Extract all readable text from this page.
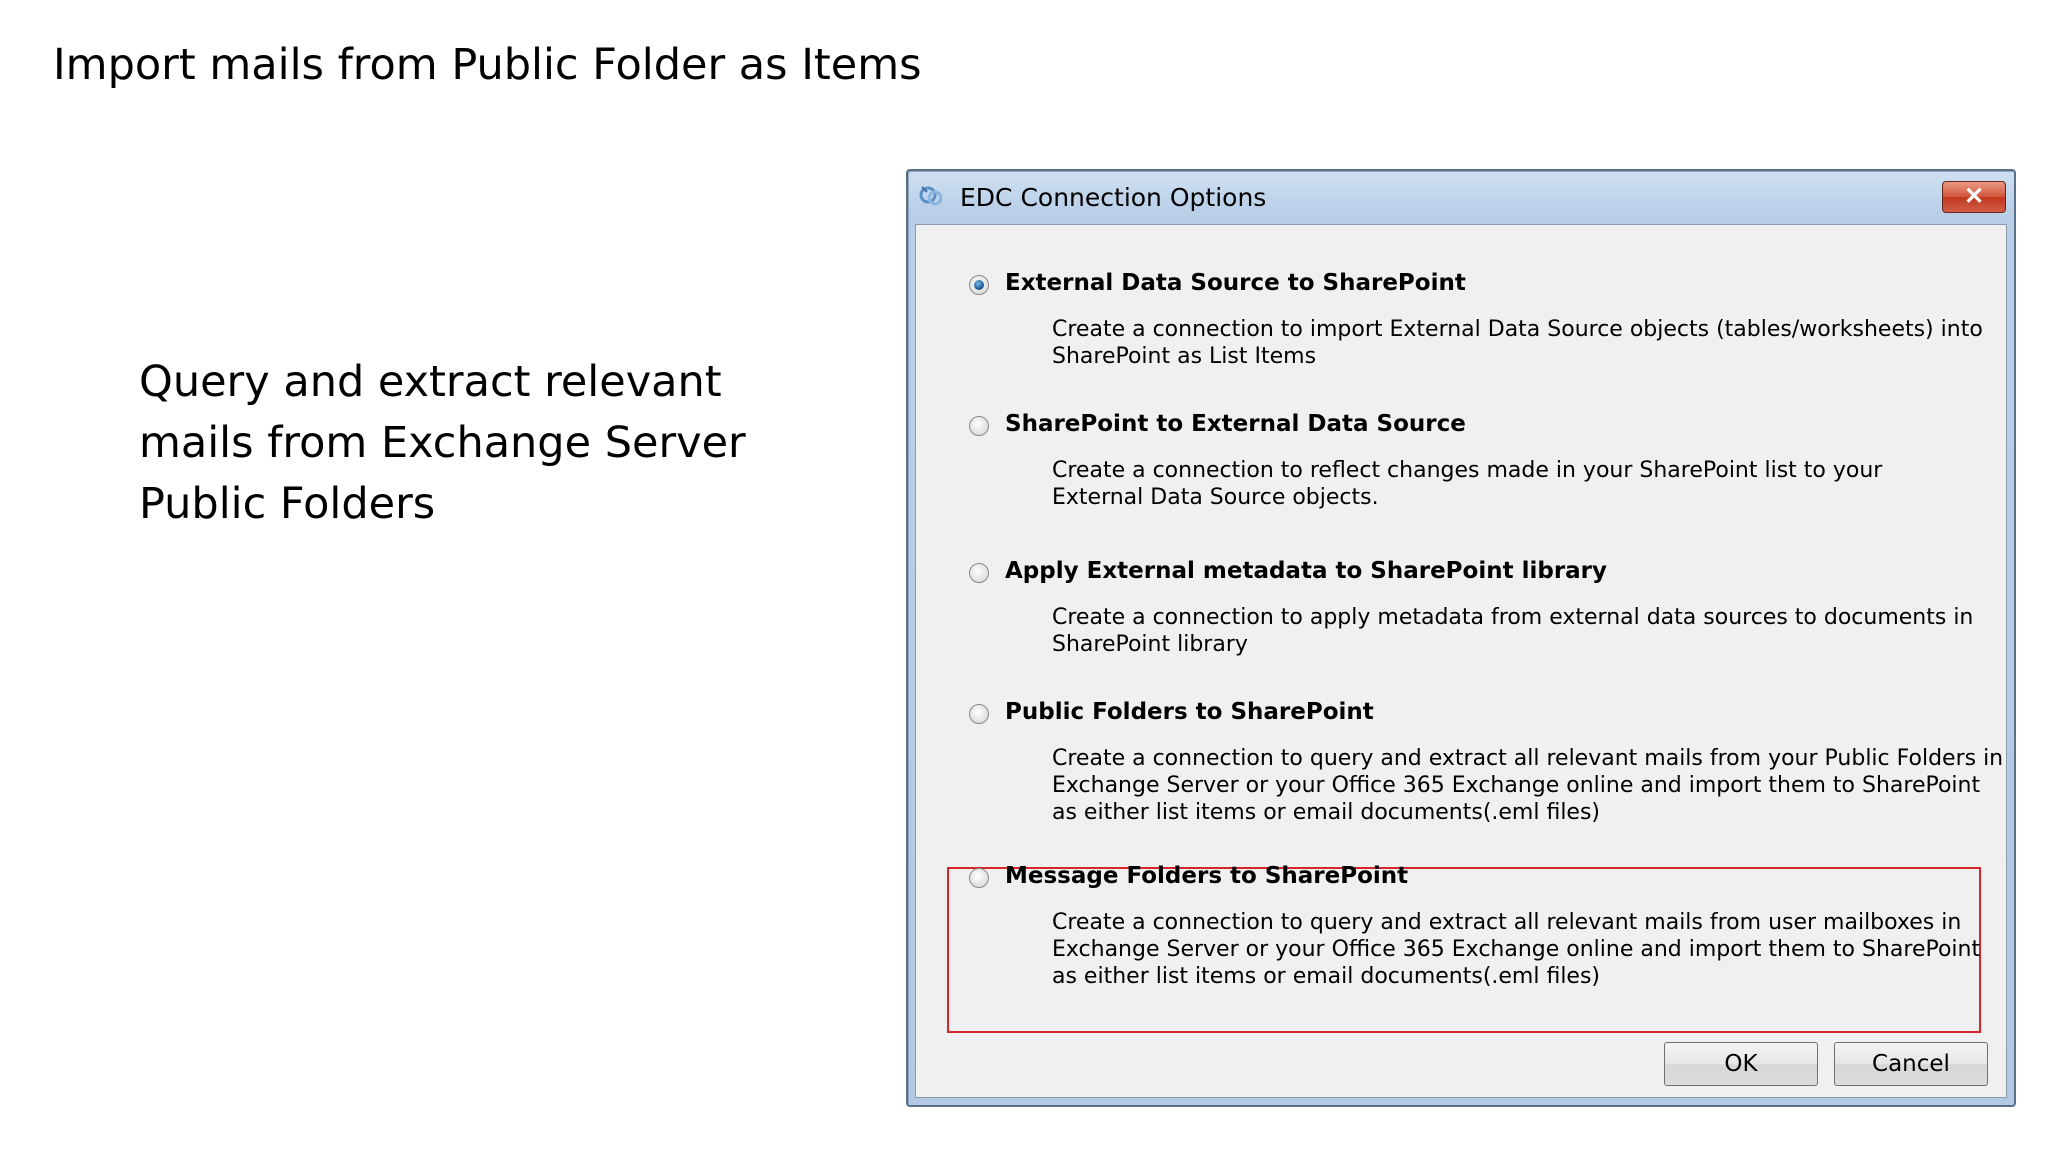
Import mails from Public Folder as Items
Query and extract relevant
mails from Exchange Server
Public Folders
EDC Connection Options	✕
External Data Source to SharePoint
Create a connection to import External Data Source objects (tables/worksheets) into
SharePoint as List Items
SharePoint to External Data Source
Create a connection to reflect changes made in your SharePoint list to your
External Data Source objects.
Apply External metadata to SharePoint library
Create a connection to apply metadata from external data sources to documents in
SharePoint library
Public Folders to SharePoint
Create a connection to query and extract all relevant mails from your Public Folders in
Exchange Server or your Office 365 Exchange online and import them to SharePoint
as either list items or email documents(.eml files)
Message Folders to SharePoint
Create a connection to query and extract all relevant mails from user mailboxes in
Exchange Server or your Office 365 Exchange online and import them to SharePoint
as either list items or email documents(.eml files)
OK	Cancel
